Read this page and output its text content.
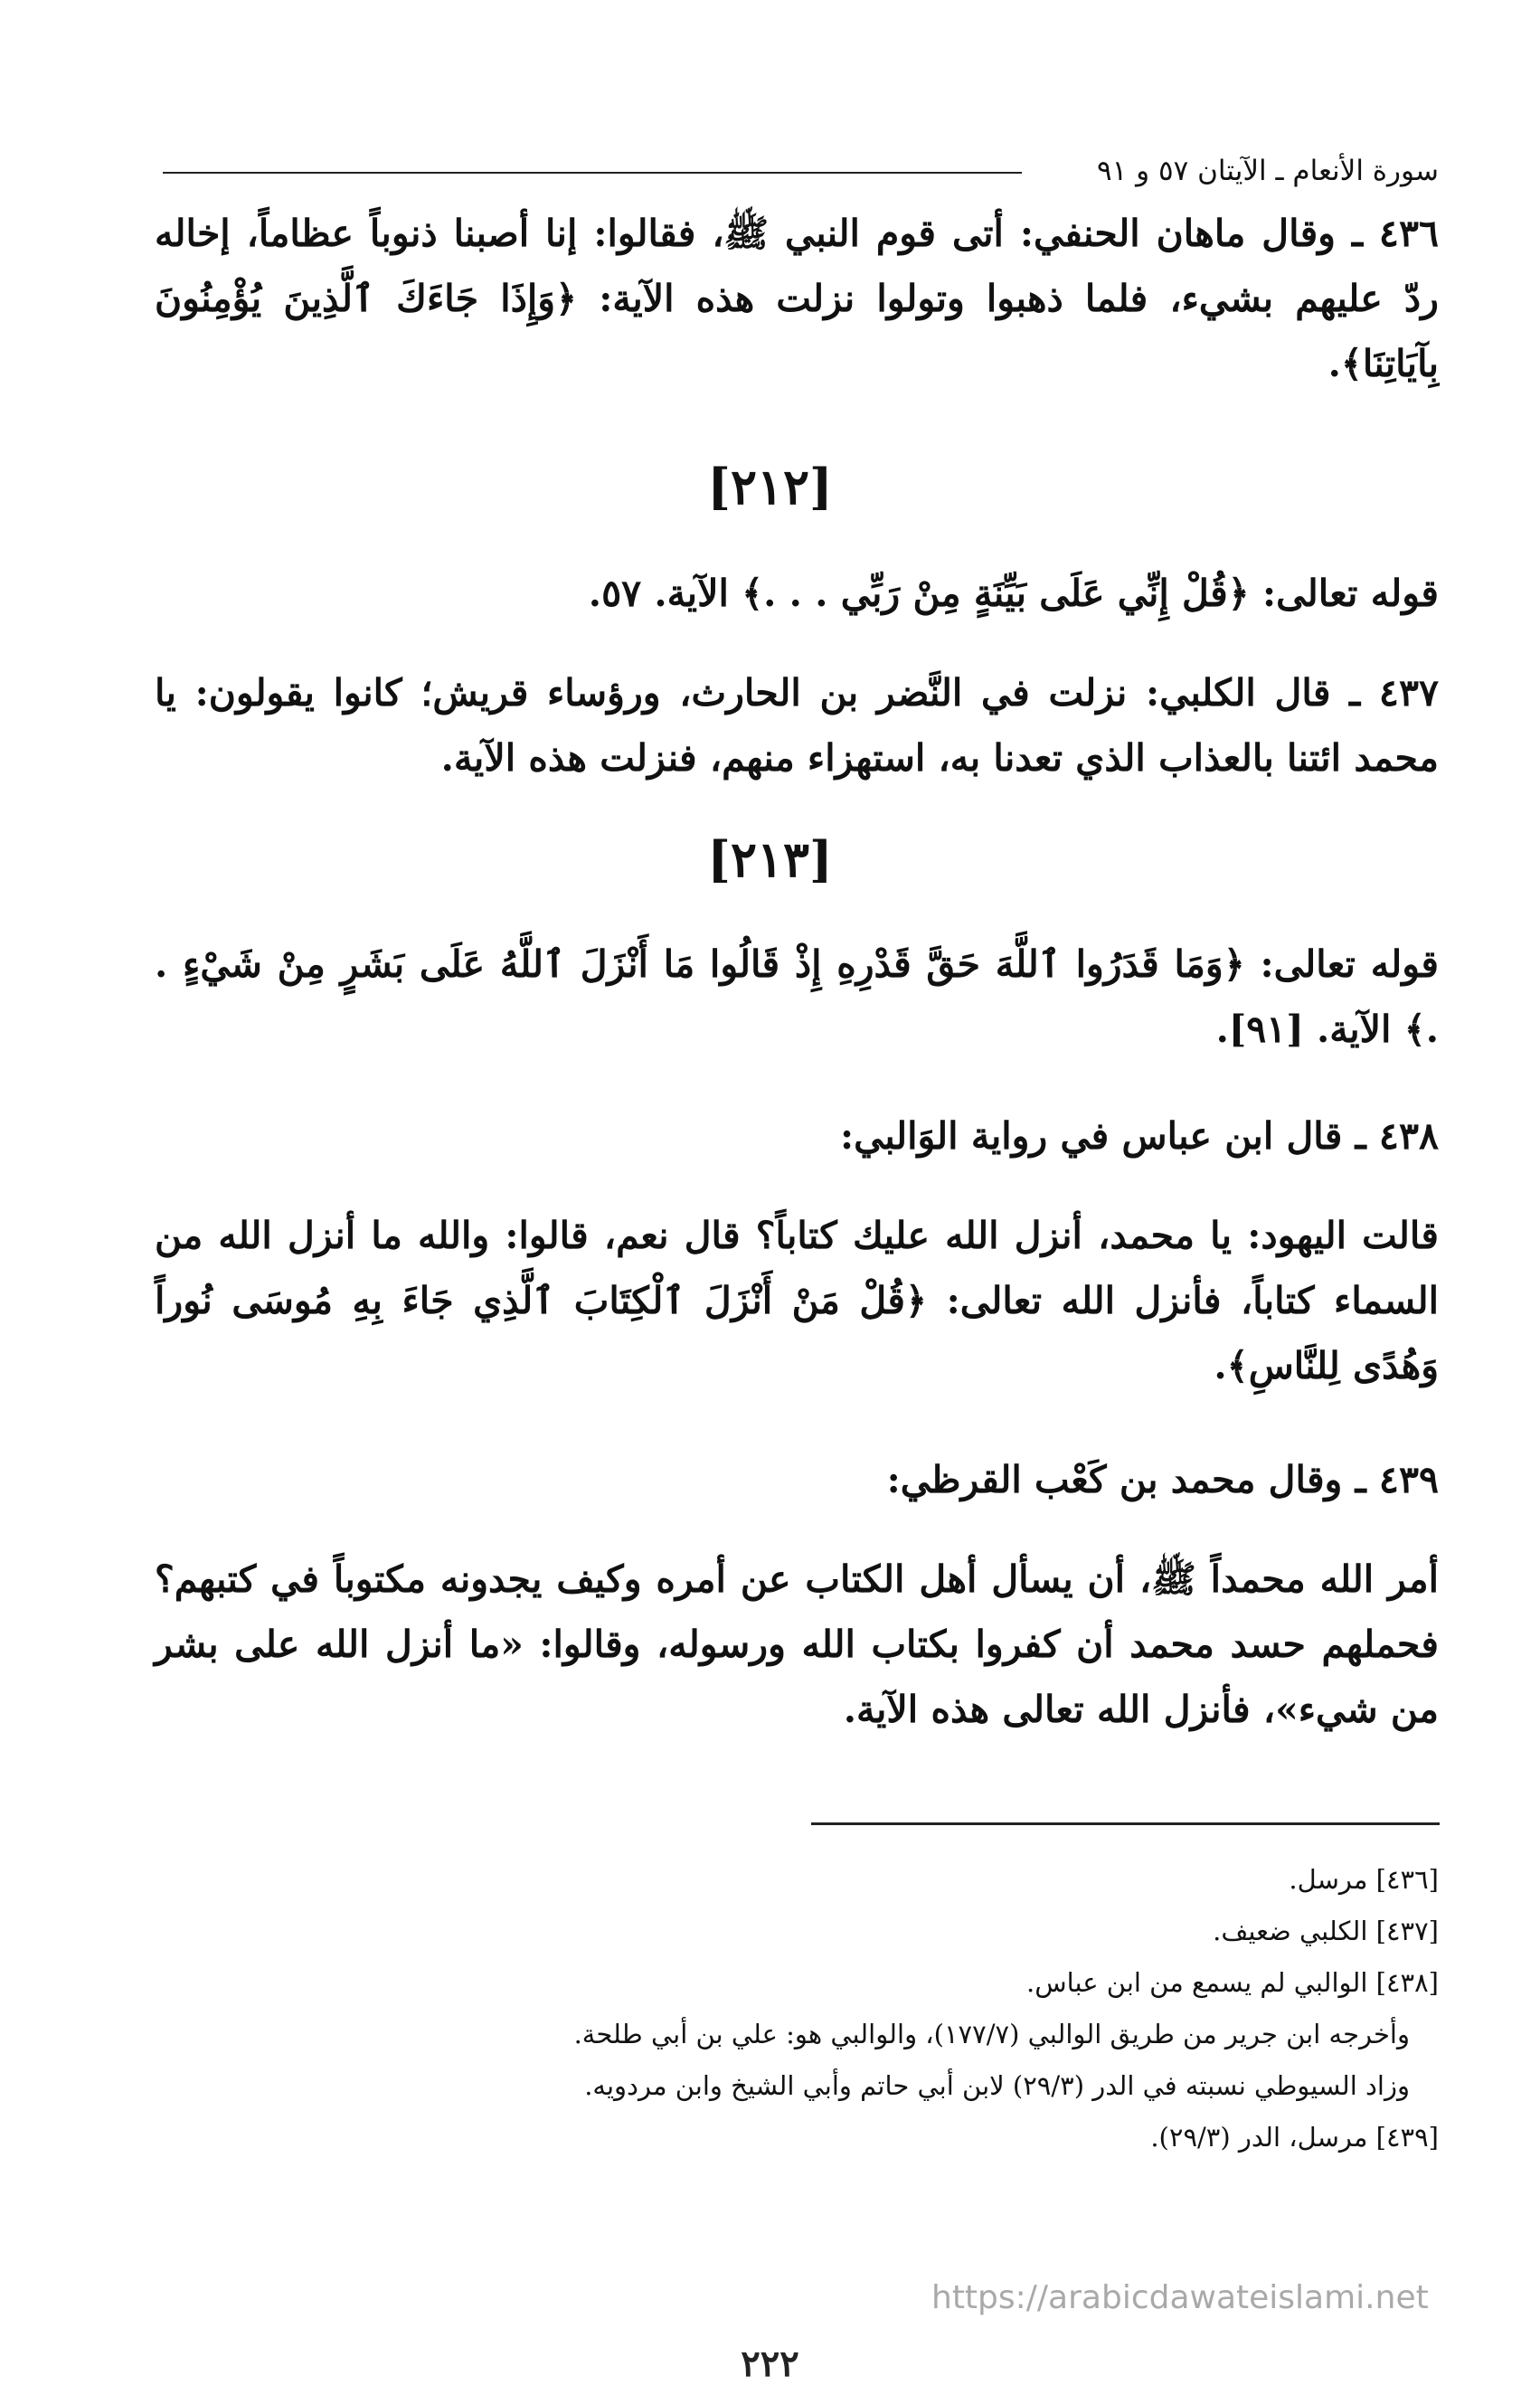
سورة الأنعام ـ الآيتان ٥٧ و ٩١

٤٣٦ ـ وقال ماهان الحنفي: أتى قوم النبي ﷺ، فقالوا: إنا أصبنا ذنوباً عظاماً، إخاله ردّ عليهم بشيء، فلما ذهبوا وتولوا نزلت هذه الآية: ﴿وَإِذَا جَاءَكَ ٱلَّذِينَ يُؤْمِنُونَ بِآيَاتِنَا﴾.

[٢١٢]

قوله تعالى: ﴿قُلْ إِنِّي عَلَى بَيِّنَةٍ مِنْ رَبِّي . . .﴾ الآية. ٥٧.

٤٣٧ ـ قال الكلبي: نزلت في النَّضر بن الحارث، ورؤساء قريش؛ كانوا يقولون: يا محمد ائتنا بالعذاب الذي تعدنا به، استهزاء منهم، فنزلت هذه الآية.

[٢١٣]

قوله تعالى: ﴿وَمَا قَدَرُوا ٱللَّهَ حَقَّ قَدْرِهِ إِذْ قَالُوا مَا أَنْزَلَ ٱللَّهُ عَلَى بَشَرٍ مِنْ شَيْءٍ . .﴾ الآية. [٩١].

٤٣٨ ـ قال ابن عباس في رواية الوَالبي:

قالت اليهود: يا محمد، أنزل الله عليك كتاباً؟ قال نعم، قالوا: والله ما أنزل الله من السماء كتاباً، فأنزل الله تعالى: ﴿قُلْ مَنْ أَنْزَلَ ٱلْكِتَابَ ٱلَّذِي جَاءَ بِهِ مُوسَى نُوراً وَهُدًى لِلنَّاسِ﴾.

٤٣٩ ـ وقال محمد بن كَعْب القرظي:

أمر الله محمداً ﷺ، أن يسأل أهل الكتاب عن أمره وكيف يجدونه مكتوباً في كتبهم؟ فحملهم حسد محمد أن كفروا بكتاب الله ورسوله، وقالوا: «ما أنزل الله على بشر من شيء»، فأنزل الله تعالى هذه الآية.

[٤٣٦] مرسل.

[٤٣٧] الكلبي ضعيف.

[٤٣٨] الوالبي لم يسمع من ابن عباس.

وأخرجه ابن جرير من طريق الوالبي (١٧٧/٧)، والوالبي هو: علي بن أبي طلحة.

وزاد السيوطي نسبته في الدر (٢٩/٣) لابن أبي حاتم وأبي الشيخ وابن مردويه.

[٤٣٩] مرسل، الدر (٢٩/٣).

https://arabicdawateislami.net
٢٢٢
